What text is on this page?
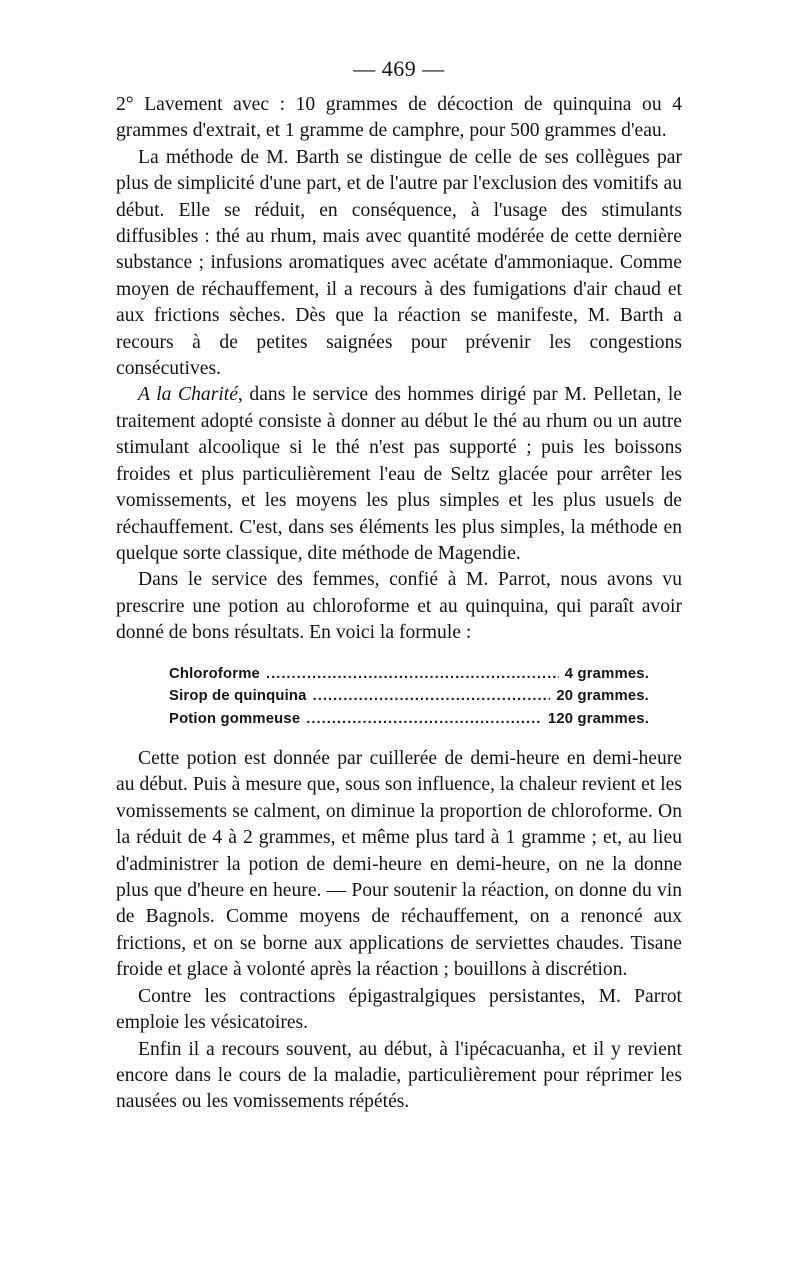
— 469 —

2° Lavement avec : 10 grammes de décoction de quinquina ou 4 grammes d'extrait, et 1 gramme de camphre, pour 500 grammes d'eau.

La méthode de M. Barth se distingue de celle de ses collègues par plus de simplicité d'une part, et de l'autre par l'exclusion des vomitifs au début. Elle se réduit, en conséquence, à l'usage des stimulants diffusibles : thé au rhum, mais avec quantité modérée de cette dernière substance ; infusions aromatiques avec acétate d'ammoniaque. Comme moyen de réchauffement, il a recours à des fumigations d'air chaud et aux frictions sèches. Dès que la réaction se manifeste, M. Barth a recours à de petites saignées pour prévenir les congestions consécutives.

A la Charité, dans le service des hommes dirigé par M. Pelletan, le traitement adopté consiste à donner au début le thé au rhum ou un autre stimulant alcoolique si le thé n'est pas supporté ; puis les boissons froides et plus particulièrement l'eau de Seltz glacée pour arrêter les vomissements, et les moyens les plus simples et les plus usuels de réchauffement. C'est, dans ses éléments les plus simples, la méthode en quelque sorte classique, dite méthode de Magendie.

Dans le service des femmes, confié à M. Parrot, nous avons vu prescrire une potion au chloroforme et au quinquina, qui paraît avoir donné de bons résultats. En voici la formule :

Chloroforme .....	4 grammes.
Sirop de quinquina .....	20 grammes.
Potion gommeuse .....	120 grammes.

Cette potion est donnée par cuillerée de demi-heure en demi-heure au début. Puis à mesure que, sous son influence, la chaleur revient et les vomissements se calment, on diminue la proportion de chloroforme. On la réduit de 4 à 2 grammes, et même plus tard à 1 gramme ; et, au lieu d'administrer la potion de demi-heure en demi-heure, on ne la donne plus que d'heure en heure. — Pour soutenir la réaction, on donne du vin de Bagnols. Comme moyens de réchauffement, on a renoncé aux frictions, et on se borne aux applications de serviettes chaudes. Tisane froide et glace à volonté après la réaction ; bouillons à discrétion.

Contre les contractions épigastralgiques persistantes, M. Parrot emploie les vésicatoires.

Enfin il a recours souvent, au début, à l'ipécacuanha, et il y revient encore dans le cours de la maladie, particulièrement pour réprimer les nausées ou les vomissements répétés.
